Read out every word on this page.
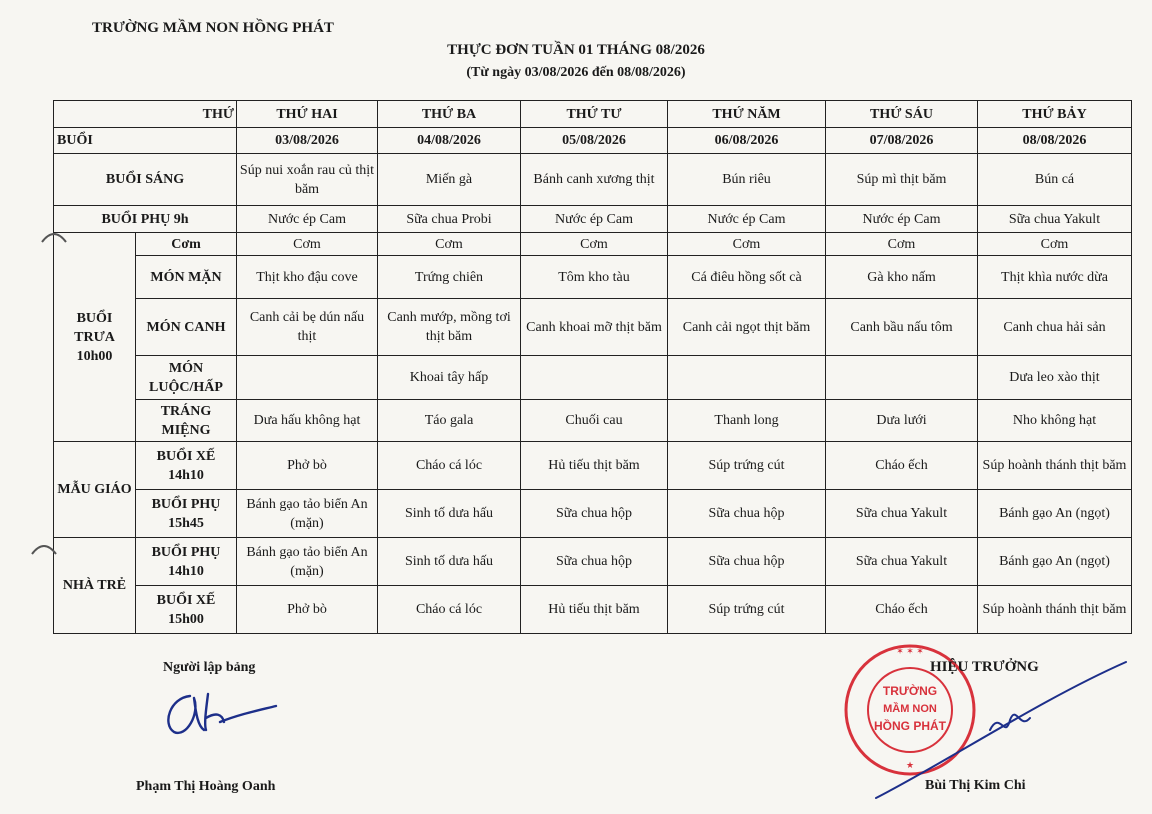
TRƯỜNG MẦM NON HỒNG PHÁT
THỰC ĐƠN TUẦN 01 THÁNG 08/2026
(Từ ngày 03/08/2026 đến 08/08/2026)
THỨ		THỨ HAI	THỨ BA	THỨ TƯ	THỨ NĂM	THỨ SÁU	THỨ BẢY
BUỔI		03/08/2026	04/08/2026	05/08/2026	06/08/2026	07/08/2026	08/08/2026
BUỔI SÁNG		Súp nui xoắn rau củ thịt băm	Miến gà	Bánh canh xương thịt	Bún riêu	Súp mì thịt băm	Bún cá
BUỔI PHỤ 9h		Nước ép Cam	Sữa chua Probi	Nước ép Cam	Nước ép Cam	Nước ép Cam	Sữa chua Yakult
BUỔI TRƯA 10h00	Cơm	Cơm	Cơm	Cơm	Cơm	Cơm	Cơm
	MÓN MẶN	Thịt kho đậu cove	Trứng chiên	Tôm kho tàu	Cá điêu hồng sốt cà	Gà kho nấm	Thịt khìa nước dừa
	MÓN CANH	Canh cải bẹ dún nấu thịt	Canh mướp, mồng tơi thịt băm	Canh khoai mỡ thịt băm	Canh cải ngọt thịt băm	Canh bầu nấu tôm	Canh chua hải sản
	MÓN LUỘC/HẤP		Khoai tây hấp				Dưa leo xào thịt
	TRÁNG MIỆNG	Dưa hấu không hạt	Táo gala	Chuối cau	Thanh long	Dưa lưới	Nho không hạt
MẪU GIÁO	BUỔI XẾ 14h10	Phở bò	Cháo cá lóc	Hủ tiếu thịt băm	Súp trứng cút	Cháo ếch	Súp hoành thánh thịt băm
	BUỔI PHỤ 15h45	Bánh gạo tảo biển An (mặn)	Sinh tố dưa hấu	Sữa chua hộp	Sữa chua hộp	Sữa chua Yakult	Bánh gạo An (ngọt)
NHÀ TRẺ	BUỔI PHỤ 14h10	Bánh gạo tảo biển An (mặn)	Sinh tố dưa hấu	Sữa chua hộp	Sữa chua hộp	Sữa chua Yakult	Bánh gạo An (ngọt)
	BUỔI XẾ 15h00	Phở bò	Cháo cá lóc	Hủ tiếu thịt băm	Súp trứng cút	Cháo ếch	Súp hoành thánh thịt băm
Người lập bảng
Phạm Thị Hoàng Oanh
✶ ✶ ✶
TRƯỜNG
MẦM NON
HỒNG PHÁT
★
HIỆU TRƯỞNG
Bùi Thị Kim Chi
